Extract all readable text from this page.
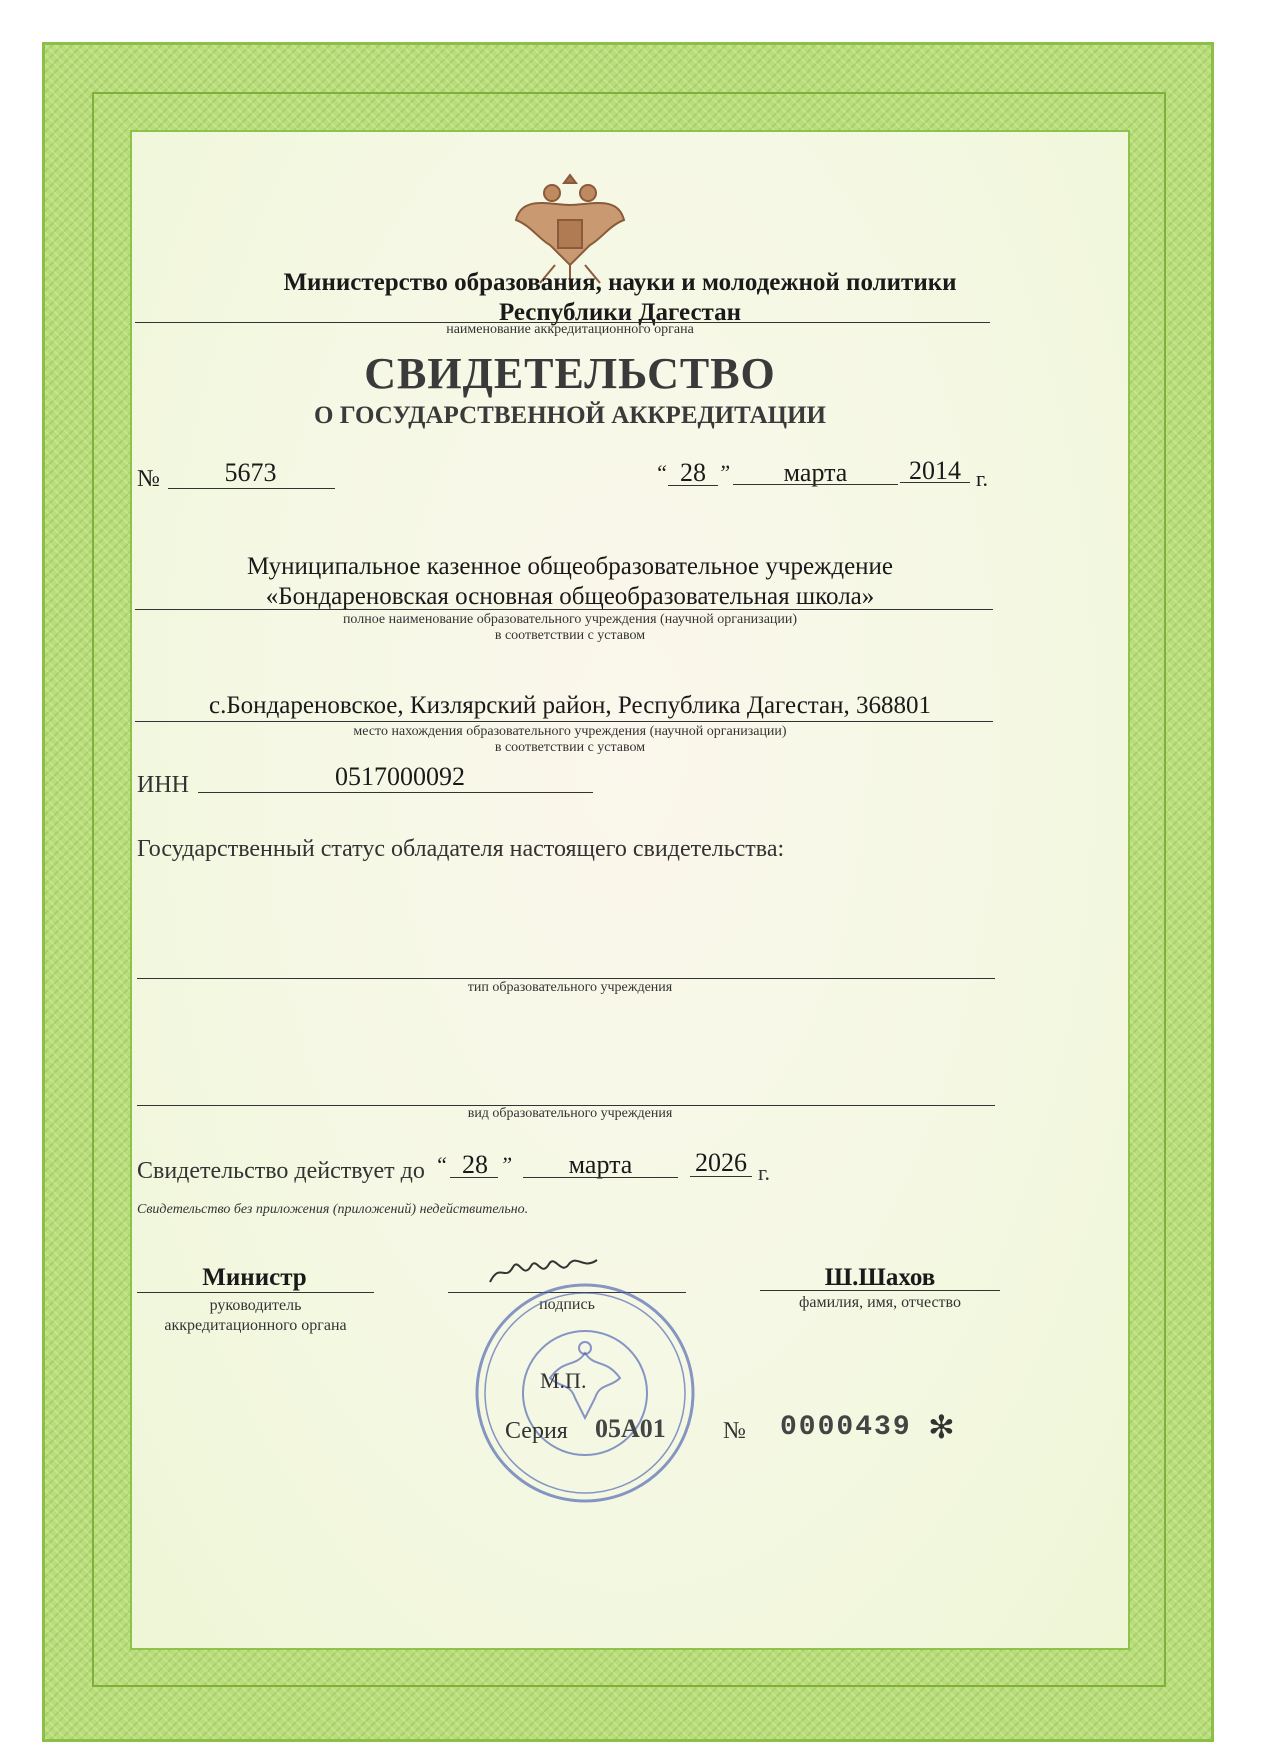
Министерство образования, науки и молодежной политики
Республики Дагестан
наименование аккредитационного органа
СВИДЕТЕЛЬСТВО
О ГОСУДАРСТВЕННОЙ АККРЕДИТАЦИИ
№	5673	“ 28 ”	марта	2014 г.
Муниципальное казенное общеобразовательное учреждение
«Бондареновская основная общеобразовательная школа»
полное наименование образовательного учреждения (научной организации)
в соответствии с уставом
с.Бондареновское, Кизлярский район, Республика Дагестан, 368801
место нахождения образовательного учреждения (научной организации)
в соответствии с уставом
ИНН	0517000092
Государственный статус обладателя настоящего свидетельства:
тип образовательного учреждения
вид образовательного учреждения
Свидетельство действует до “ 28 ”	марта	2026 г.
Свидетельство без приложения (приложений) недействительно.
Министр
руководитель
аккредитационного органа
подпись
Ш.Шахов
фамилия, имя, отчество
М.П.
Серия 05А01 № 0000439 ✻
